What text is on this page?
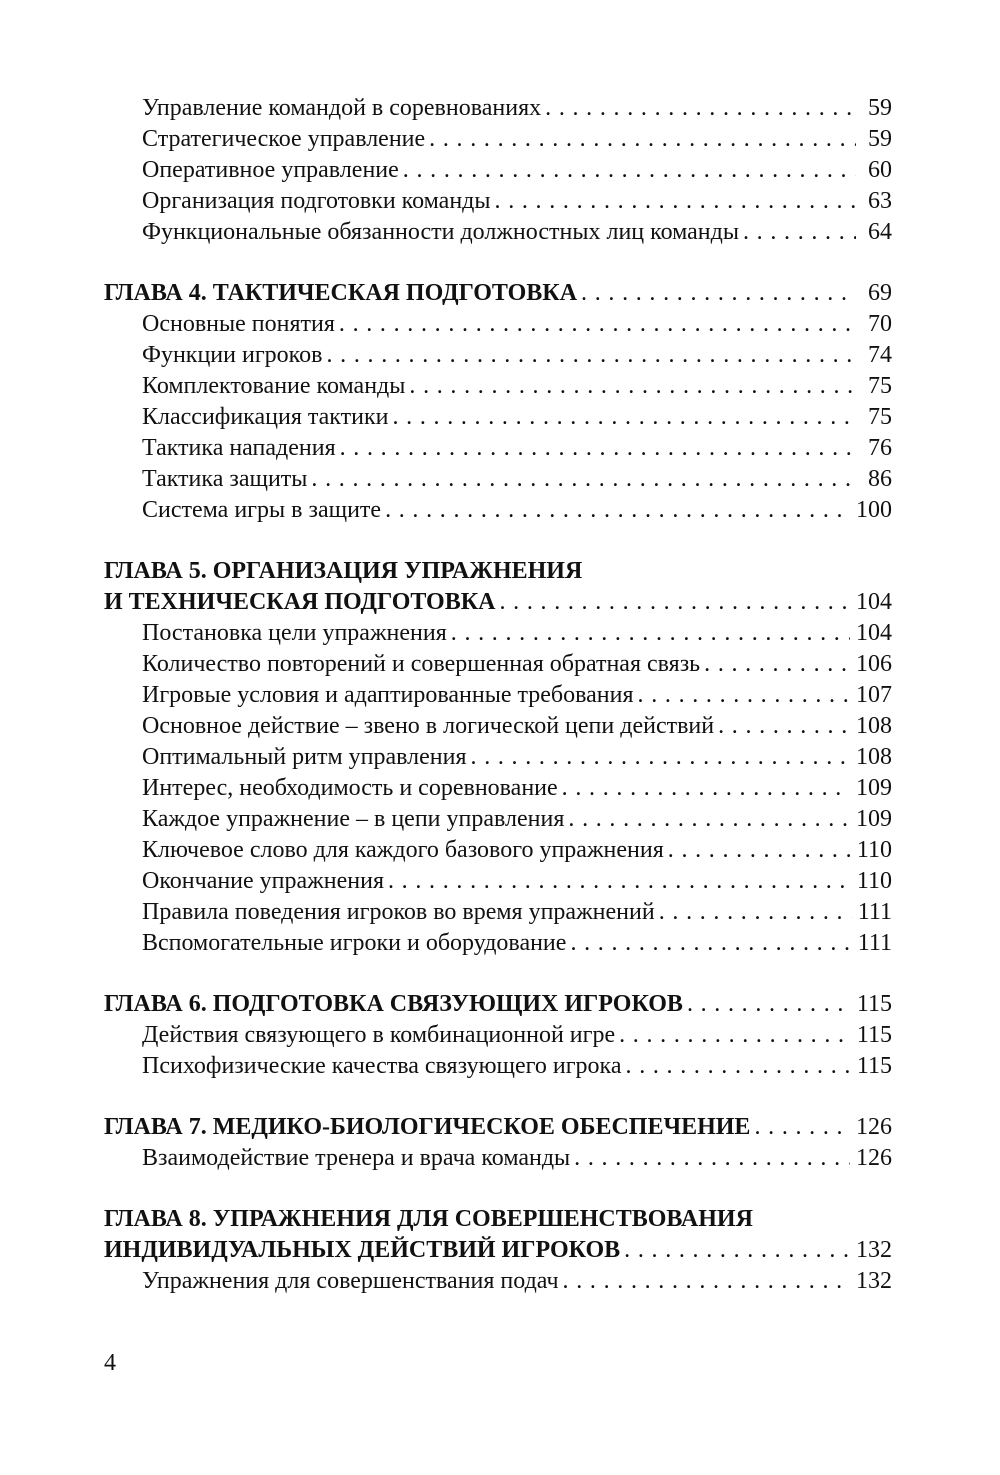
Управление командой в соревнованиях .....	59
Стратегическое управление .....	59
Оперативное управление .....	60
Организация подготовки команды .....	63
Функциональные обязанности должностных лиц команды .....	64
ГЛАВА 4. ТАКТИЧЕСКАЯ ПОДГОТОВКА .....	69
Основные понятия .....	70
Функции игроков .....	74
Комплектование команды .....	75
Классификация тактики .....	75
Тактика нападения .....	76
Тактика защиты .....	86
Система игры в защите .....	100
ГЛАВА 5. ОРГАНИЗАЦИЯ УПРАЖНЕНИЯ
И ТЕХНИЧЕСКАЯ ПОДГОТОВКА .....	104
Постановка цели упражнения .....	104
Количество повторений и совершенная обратная связь .....	106
Игровые условия и адаптированные требования .....	107
Основное действие – звено в логической цепи действий .....	108
Оптимальный ритм управления .....	108
Интерес, необходимость и соревнование .....	109
Каждое упражнение – в цепи управления .....	109
Ключевое слово для каждого базового упражнения .....	110
Окончание упражнения .....	110
Правила поведения игроков во время упражнений .....	111
Вспомогательные игроки и оборудование .....	111
ГЛАВА 6. ПОДГОТОВКА СВЯЗУЮЩИХ ИГРОКОВ .....	115
Действия связующего в комбинационной игре .....	115
Психофизические качества связующего игрока .....	115
ГЛАВА 7. МЕДИКО-БИОЛОГИЧЕСКОЕ ОБЕСПЕЧЕНИЕ .....	126
Взаимодействие тренера и врача команды .....	126
ГЛАВА 8. УПРАЖНЕНИЯ ДЛЯ СОВЕРШЕНСТВОВАНИЯ
ИНДИВИДУАЛЬНЫХ ДЕЙСТВИЙ ИГРОКОВ .....	132
Упражнения для совершенствания подач .....	132
4
